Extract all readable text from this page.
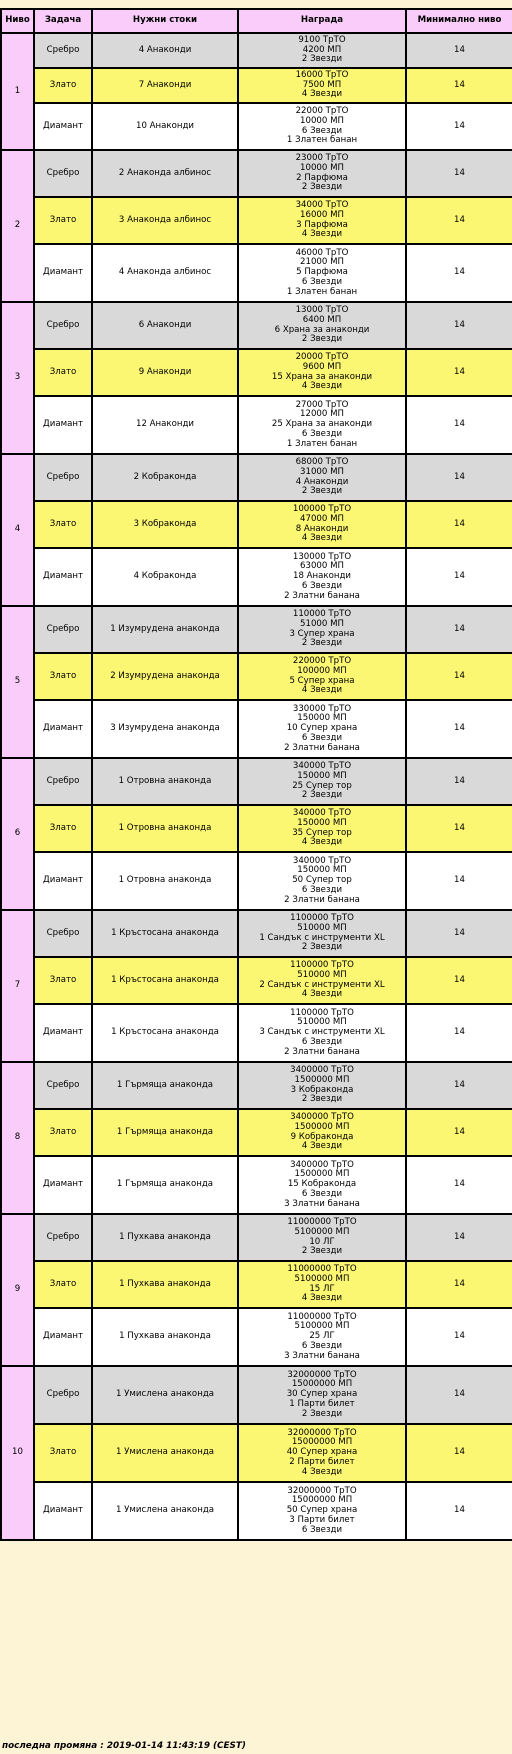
Ниво	Задача	Нужни стоки	Награда	Минимално ниво
1	Сребро	4 Анаконди	9100 ТрТО
4200 МП
2 Звезди	14
	Злато	7 Анаконди	16000 ТрТО
7500 МП
4 Звезди	14
	Диамант	10 Анаконди	22000 ТрТО
10000 МП
6 Звезди
1 Златен банан	14
2	Сребро	2 Анаконда албинос	23000 ТрТО
10000 МП
2 Парфюма
2 Звезди	14
	Злато	3 Анаконда албинос	34000 ТрТО
16000 МП
3 Парфюма
4 Звезди	14
	Диамант	4 Анаконда албинос	46000 ТрТО
21000 МП
5 Парфюма
6 Звезди
1 Златен банан	14
3	Сребро	6 Анаконди	13000 ТрТО
6400 МП
6 Храна за анаконди
2 Звезди	14
	Злато	9 Анаконди	20000 ТрТО
9600 МП
15 Храна за анаконди
4 Звезди	14
	Диамант	12 Анаконди	27000 ТрТО
12000 МП
25 Храна за анаконди
6 Звезди
1 Златен банан	14
4	Сребро	2 Кобраконда	68000 ТрТО
31000 МП
4 Анаконди
2 Звезди	14
	Злато	3 Кобраконда	100000 ТрТО
47000 МП
8 Анаконди
4 Звезди	14
	Диамант	4 Кобраконда	130000 ТрТО
63000 МП
18 Анаконди
6 Звезди
2 Златни банана	14
5	Сребро	1 Изумрудена анаконда	110000 ТрТО
51000 МП
3 Супер храна
2 Звезди	14
	Злато	2 Изумрудена анаконда	220000 ТрТО
100000 МП
5 Супер храна
4 Звезди	14
	Диамант	3 Изумрудена анаконда	330000 ТрТО
150000 МП
10 Супер храна
6 Звезди
2 Златни банана	14
6	Сребро	1 Отровна анаконда	340000 ТрТО
150000 МП
25 Супер тор
2 Звезди	14
	Злато	1 Отровна анаконда	340000 ТрТО
150000 МП
35 Супер тор
4 Звезди	14
	Диамант	1 Отровна анаконда	340000 ТрТО
150000 МП
50 Супер тор
6 Звезди
2 Златни банана	14
7	Сребро	1 Кръстосана анаконда	1100000 ТрТО
510000 МП
1 Сандък с инструменти XL
2 Звезди	14
	Злато	1 Кръстосана анаконда	1100000 ТрТО
510000 МП
2 Сандък с инструменти XL
4 Звезди	14
	Диамант	1 Кръстосана анаконда	1100000 ТрТО
510000 МП
3 Сандък с инструменти XL
6 Звезди
2 Златни банана	14
8	Сребро	1 Гърмяща анаконда	3400000 ТрТО
1500000 МП
3 Кобраконда
2 Звезди	14
	Злато	1 Гърмяща анаконда	3400000 ТрТО
1500000 МП
9 Кобраконда
4 Звезди	14
	Диамант	1 Гърмяща анаконда	3400000 ТрТО
1500000 МП
15 Кобраконда
6 Звезди
3 Златни банана	14
9	Сребро	1 Пухкава анаконда	11000000 ТрТО
5100000 МП
10 ЛГ
2 Звезди	14
	Злато	1 Пухкава анаконда	11000000 ТрТО
5100000 МП
15 ЛГ
4 Звезди	14
	Диамант	1 Пухкава анаконда	11000000 ТрТО
5100000 МП
25 ЛГ
6 Звезди
3 Златни банана	14
10	Сребро	1 Умислена анаконда	32000000 ТрТО
15000000 МП
30 Супер храна
1 Парти билет
2 Звезди	14
	Злато	1 Умислена анаконда	32000000 ТрТО
15000000 МП
40 Супер храна
2 Парти билет
4 Звезди	14
	Диамант	1 Умислена анаконда	32000000 ТрТО
15000000 МП
50 Супер храна
3 Парти билет
6 Звезди	14
последна промяна : 2019-01-14 11:43:19 (CEST)
